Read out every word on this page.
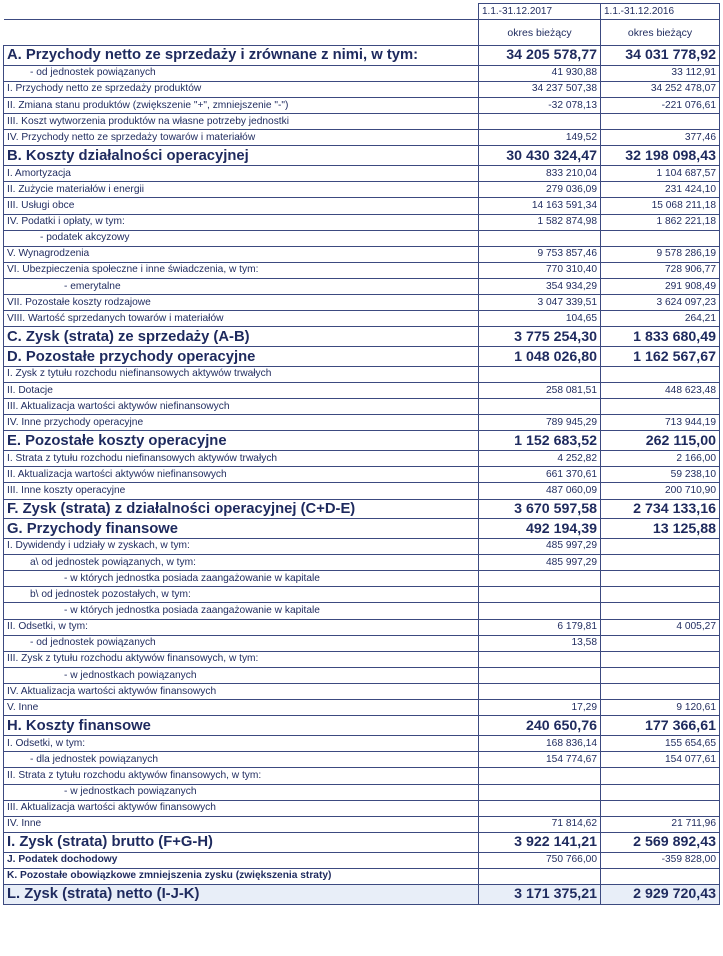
	1.1.-31.12.2017	1.1.-31.12.2016
	okres bieżący	okres bieżący
A. Przychody netto ze sprzedaży i zrównane z nimi, w tym:	34 205 578,77	34 031 778,92
- od jednostek powiązanych	41 930,88	33 112,91
I. Przychody netto ze sprzedaży produktów	34 237 507,38	34 252 478,07
II. Zmiana stanu produktów (zwiększenie "+", zmniejszenie "-")	-32 078,13	-221 076,61
III. Koszt wytworzenia produktów na własne potrzeby jednostki		
IV. Przychody netto ze sprzedaży towarów i materiałów	149,52	377,46
B. Koszty działalności operacyjnej	30 430 324,47	32 198 098,43
I. Amortyzacja	833 210,04	1 104 687,57
II. Zużycie materiałów i energii	279 036,09	231 424,10
III. Usługi obce	14 163 591,34	15 068 211,18
IV. Podatki i opłaty, w tym:	1 582 874,98	1 862 221,18
- podatek akcyzowy		
V. Wynagrodzenia	9 753 857,46	9 578 286,19
VI. Ubezpieczenia społeczne i inne świadczenia, w tym:	770 310,40	728 906,77
- emerytalne	354 934,29	291 908,49
VII. Pozostałe koszty rodzajowe	3 047 339,51	3 624 097,23
VIII. Wartość sprzedanych towarów i materiałów	104,65	264,21
C. Zysk (strata) ze sprzedaży (A-B)	3 775 254,30	1 833 680,49
D. Pozostałe przychody operacyjne	1 048 026,80	1 162 567,67
I. Zysk z tytułu rozchodu niefinansowych aktywów trwałych		
II. Dotacje	258 081,51	448 623,48
III. Aktualizacja wartości aktywów niefinansowych		
IV. Inne przychody operacyjne	789 945,29	713 944,19
E. Pozostałe koszty operacyjne	1 152 683,52	262 115,00
I. Strata z tytułu rozchodu niefinansowych aktywów trwałych	4 252,82	2 166,00
II. Aktualizacja wartości aktywów niefinansowych	661 370,61	59 238,10
III. Inne koszty operacyjne	487 060,09	200 710,90
F. Zysk (strata) z działalności operacyjnej (C+D-E)	3 670 597,58	2 734 133,16
G. Przychody finansowe	492 194,39	13 125,88
I. Dywidendy i udziały w zyskach, w tym:	485 997,29	
a\ od jednostek powiązanych, w tym:	485 997,29	
- w których jednostka posiada zaangażowanie w kapitale		
b\ od jednostek pozostałych, w tym:		
- w których jednostka posiada zaangażowanie w kapitale		
II. Odsetki, w tym:	6 179,81	4 005,27
- od jednostek powiązanych	13,58	
III. Zysk z tytułu rozchodu aktywów finansowych, w tym:		
- w jednostkach powiązanych		
IV. Aktualizacja wartości aktywów finansowych		
V. Inne	17,29	9 120,61
H. Koszty finansowe	240 650,76	177 366,61
I. Odsetki, w tym:	168 836,14	155 654,65
- dla jednostek powiązanych	154 774,67	154 077,61
II. Strata z tytułu rozchodu aktywów finansowych, w tym:		
- w jednostkach powiązanych		
III. Aktualizacja wartości aktywów finansowych		
IV. Inne	71 814,62	21 711,96
I. Zysk (strata) brutto (F+G-H)	3 922 141,21	2 569 892,43
J. Podatek dochodowy	750 766,00	-359 828,00
K. Pozostałe obowiązkowe zmniejszenia zysku (zwiększenia straty)		
L. Zysk (strata) netto (I-J-K)	3 171 375,21	2 929 720,43
